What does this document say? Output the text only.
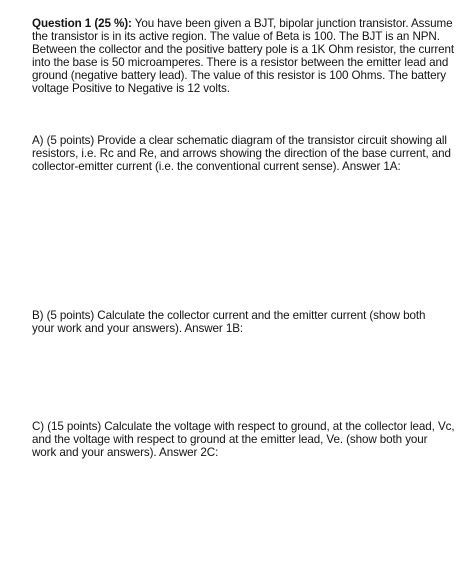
Question 1 (25 %): You have been given a BJT, bipolar junction transistor. Assume

the transistor is in its active region. The value of Beta is 100. The BJT is an NPN.

Between the collector and the positive battery pole is a 1K Ohm resistor, the current

into the base is 50 microamperes. There is a resistor between the emitter lead and

ground (negative battery lead). The value of this resistor is 100 Ohms. The battery

voltage Positive to Negative is 12 volts.

A) (5 points) Provide a clear schematic diagram of the transistor circuit showing all

resistors, i.e. Rc and Re, and arrows showing the direction of the base current, and

collector-emitter current (i.e. the conventional current sense). Answer 1A:

B) (5 points) Calculate the collector current and the emitter current (show both

your work and your answers). Answer 1B:

C) (15 points) Calculate the voltage with respect to ground, at the collector lead, Vc,

and the voltage with respect to ground at the emitter lead, Ve. (show both your

work and your answers). Answer 2C:
